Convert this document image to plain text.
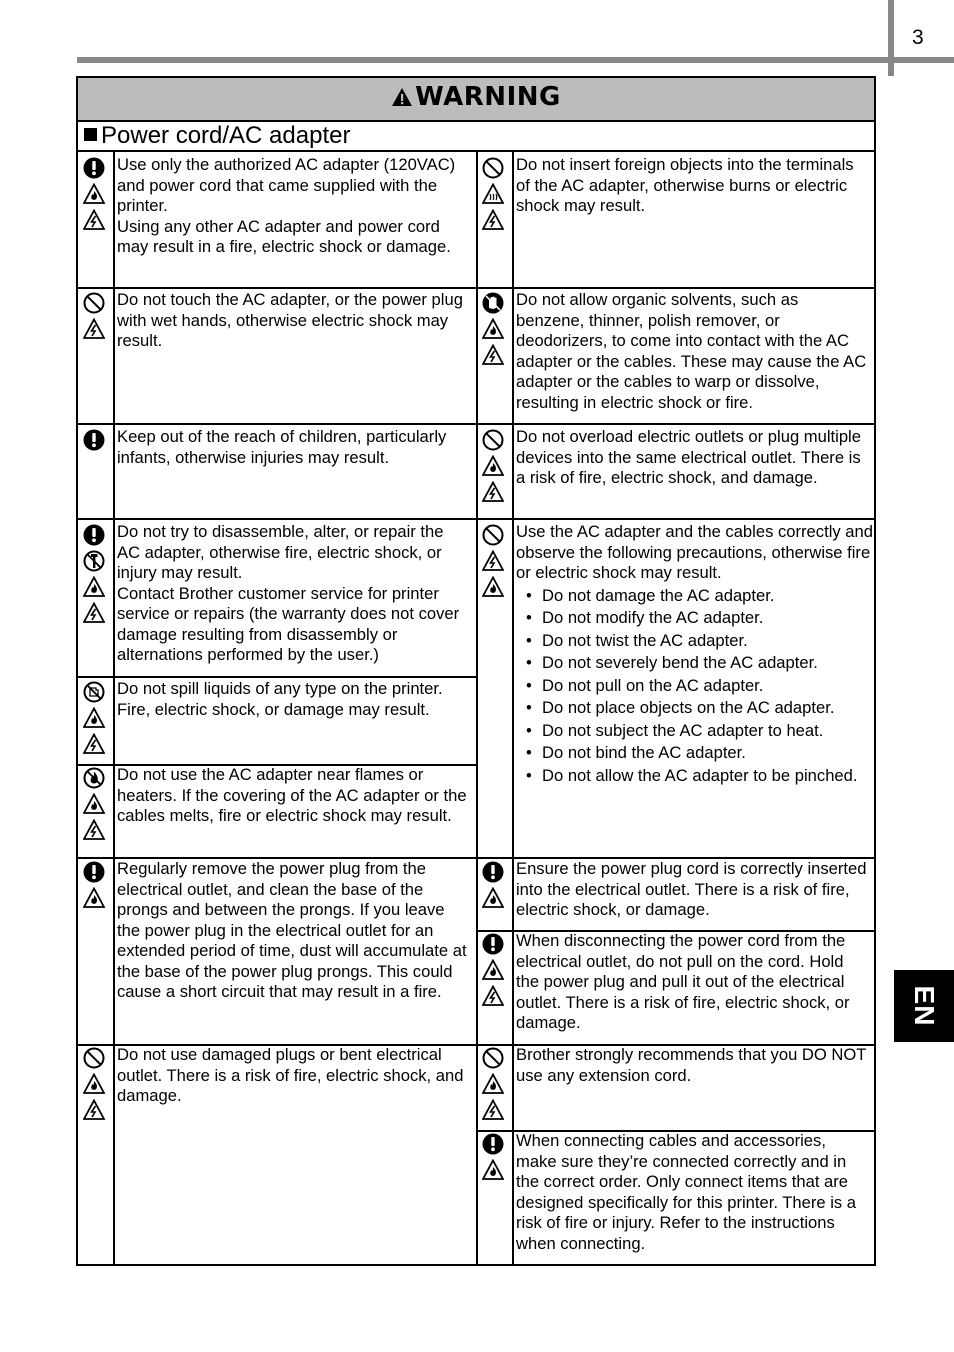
3
EN
WARNING
Power cord/AC adapter
Use only the authorized AC adapter (120VAC) and power cord that came supplied with the printer.
Using any other AC adapter and power cord may result in a fire, electric shock or damage.
Do not insert foreign objects into the terminals of the AC adapter, otherwise burns or electric shock may result.
Do not touch the AC adapter, or the power plug with wet hands, otherwise electric shock may result.
Do not allow organic solvents, such as benzene, thinner, polish remover, or deodorizers, to come into contact with the AC adapter or the cables. These may cause the AC adapter or the cables to warp or dissolve, resulting in electric shock or fire.
Keep out of the reach of children, particularly infants, otherwise injuries may result.
Do not overload electric outlets or plug multiple devices into the same electrical outlet. There is a risk of fire, electric shock, and damage.
Do not try to disassemble, alter, or repair the AC adapter, otherwise fire, electric shock, or injury may result.
Contact Brother customer service for printer service or repairs (the warranty does not cover damage resulting from disassembly or alternations performed by the user.)
Use the AC adapter and the cables correctly and observe the following precautions, otherwise fire or electric shock may result.
• Do not damage the AC adapter.
• Do not modify the AC adapter.
• Do not twist the AC adapter.
• Do not severely bend the AC adapter.
• Do not pull on the AC adapter.
• Do not place objects on the AC adapter.
• Do not subject the AC adapter to heat.
• Do not bind the AC adapter.
• Do not allow the AC adapter to be pinched.
Do not spill liquids of any type on the printer. Fire, electric shock, or damage may result.
Do not use the AC adapter near flames or heaters. If the covering of the AC adapter or the cables melts, fire or electric shock may result.
Regularly remove the power plug from the electrical outlet, and clean the base of the prongs and between the prongs. If you leave the power plug in the electrical outlet for an extended period of time, dust will accumulate at the base of the power plug prongs. This could cause a short circuit that may result in a fire.
Ensure the power plug cord is correctly inserted into the electrical outlet. There is a risk of fire, electric shock, or damage.
When disconnecting the power cord from the electrical outlet, do not pull on the cord. Hold the power plug and pull it out of the electrical outlet. There is a risk of fire, electric shock, or damage.
Do not use damaged plugs or bent electrical outlet. There is a risk of fire, electric shock, and damage.
Brother strongly recommends that you DO NOT use any extension cord.
When connecting cables and accessories, make sure they’re connected correctly and in the correct order. Only connect items that are designed specifically for this printer. There is a risk of fire or injury. Refer to the instructions when connecting.
